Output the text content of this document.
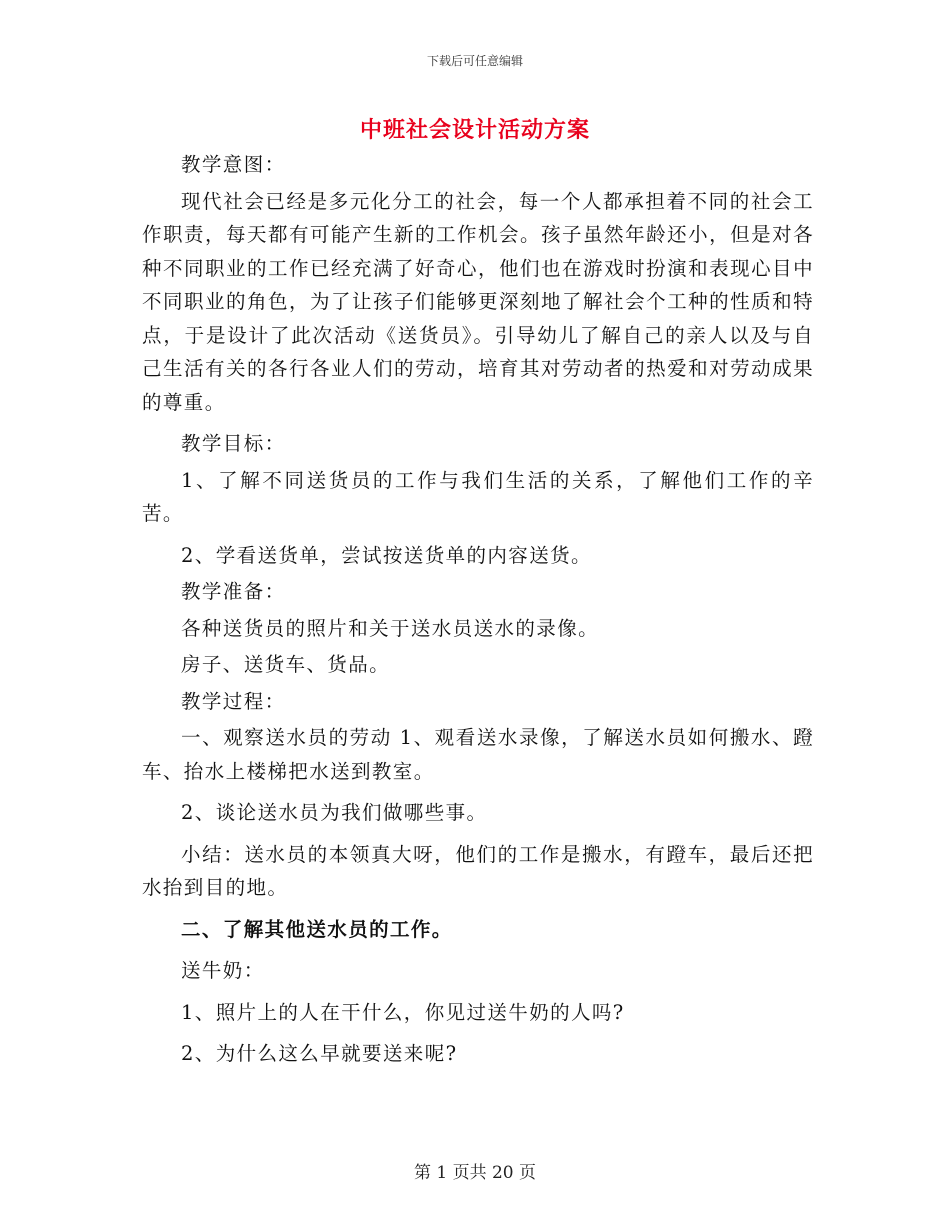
下载后可任意编辑
中班社会设计活动方案

教学意图：

现代社会已经是多元化分工的社会，每一个人都承担着不同的社会工作职责，每天都有可能产生新的工作机会。孩子虽然年龄还小，但是对各种不同职业的工作已经充满了好奇心，他们也在游戏时扮演和表现心目中不同职业的角色，为了让孩子们能够更深刻地了解社会个工种的性质和特点，于是设计了此次活动《送货员》。引导幼儿了解自己的亲人以及与自己生活有关的各行各业人们的劳动，培育其对劳动者的热爱和对劳动成果的尊重。

教学目标：

1、了解不同送货员的工作与我们生活的关系，了解他们工作的辛苦。

2、学看送货单，尝试按送货单的内容送货。

教学准备：

各种送货员的照片和关于送水员送水的录像。

房子、送货车、货品。

教学过程：

一、观察送水员的劳动 1、观看送水录像，了解送水员如何搬水、蹬车、抬水上楼梯把水送到教室。

2、谈论送水员为我们做哪些事。

小结：送水员的本领真大呀，他们的工作是搬水，有蹬车，最后还把水抬到目的地。

二、了解其他送水员的工作。

送牛奶：

1、照片上的人在干什么，你见过送牛奶的人吗?

2、为什么这么早就要送来呢?

第 1 页共 20 页
